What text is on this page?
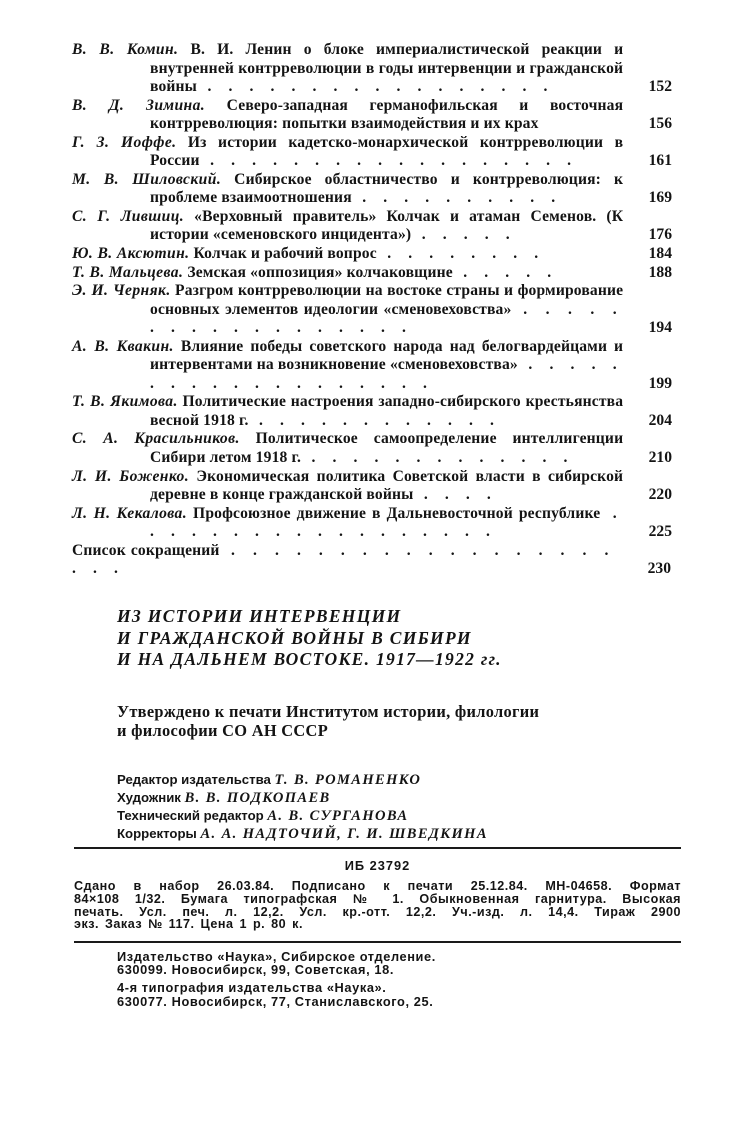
В. В. Комин. В. И. Ленин о блоке империалистической реакции и внутренней контрреволюции в годы интервенции и гражданской войны . . . . . . . . . . . . . . . . .	152
В. Д. Зимина. Северо-западная германофильская и восточная контрреволюция: попытки взаимодействия и их крах	156
Г. З. Иоффе. Из истории кадетско-монархической контрреволюции в России . . . . . . . . . . . . . . . . . .	161
М. В. Шиловский. Сибирское областничество и контрреволюция: к проблеме взаимоотношения . . . . . . . . . .	169
С. Г. Лившиц. «Верховный правитель» Колчак и атаман Семенов. (К истории «семеновского инцидента») . . . . .	176
Ю. В. Аксютин. Колчак и рабочий вопрос . . . . . . . .	184
Т. В. Мальцева. Земская «оппозиция» колчаковщине . . . . .	188
Э. И. Черняк. Разгром контрреволюции на востоке страны и формирование основных элементов идеологии «сменовеховства» . . . . . . . . . . . . . . . . . .	194
А. В. Квакин. Влияние победы советского народа над белогвардейцами и интервентами на возникновение «сменовеховства» . . . . . . . . . . . . . . . . . . .	199
Т. В. Якимова. Политические настроения западно-сибирского крестьянства весной 1918 г. . . . . . . . . . . . .	204
С. А. Красильников. Политическое самоопределение интеллигенции Сибири летом 1918 г. . . . . . . . . . . . . .	210
Л. И. Боженко. Экономическая политика Советской власти в сибирской деревне в конце гражданской войны . . . .	220
Л. Н. Кекалова. Профсоюзное движение в Дальневосточной республике . . . . . . . . . . . . . . . . . .	225
Список сокращений . . . . . . . . . . . . . . . . . . . . .	230
ИЗ ИСТОРИИ ИНТЕРВЕНЦИИ
И ГРАЖДАНСКОЙ ВОЙНЫ В СИБИРИ
И НА ДАЛЬНЕМ ВОСТОКЕ. 1917—1922 гг.
Утверждено к печати Институтом истории, филологии
и философии СО АН СССР
Редактор издательства Т. В. РОМАНЕНКО
Художник В. В. ПОДКОПАЕВ
Технический редактор А. В. СУРГАНОВА
Корректоры А. А. НАДТОЧИЙ, Г. И. ШВЕДКИНА
ИБ 23792
Сдано в набор 26.03.84. Подписано к печати 25.12.84. МН-04658. Формат
84×108 1/32. Бумага типографская № 1. Обыкновенная гарнитура. Высокая
печать. Усл. печ. л. 12,2. Усл. кр.-отт. 12,2. Уч.-изд. л. 14,4. Тираж 2900
экз. Заказ № 117. Цена 1 р. 80 к.
Издательство «Наука», Сибирское отделение.
630099. Новосибирск, 99, Советская, 18.
4-я типография издательства «Наука».
630077. Новосибирск, 77, Станиславского, 25.
